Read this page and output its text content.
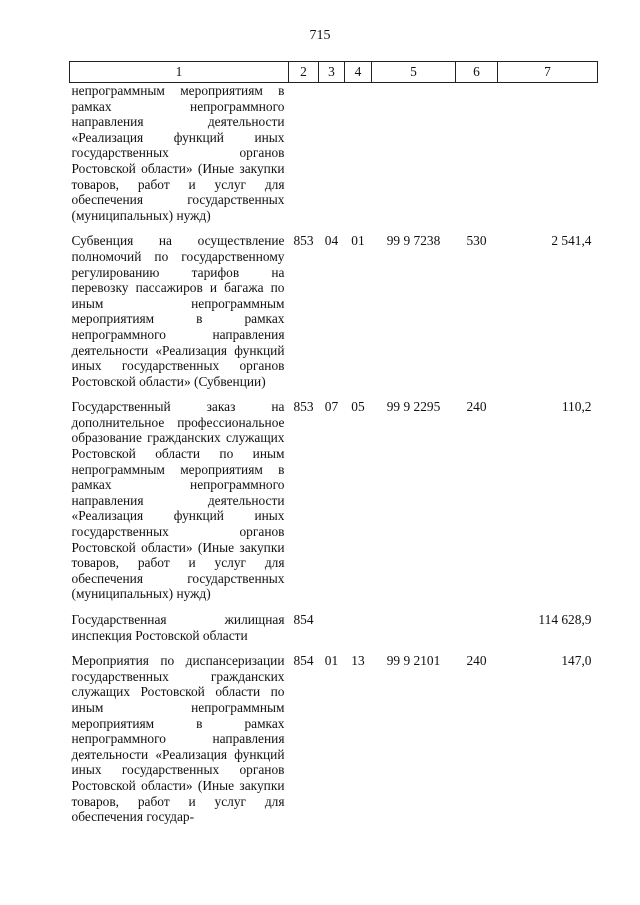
715
1	2	3	4	5	6	7
непрограммным мероприятиям в рамках непрограммного направления деятельности «Реализация функций иных государственных органов Ростовской области» (Иные закупки товаров, работ и услуг для обеспечения государственных (муниципальных) нужд)						

Субвенция на осуществление полномочий по государственному регулированию тарифов на перевозку пассажиров и багажа по иным непрограммным мероприятиям в рамках непрограммного направления деятельности «Реализация функций иных государственных органов Ростовской области» (Субвенции)	853	04	01	99 9 7238	530	2 541,4

Государственный заказ на дополнительное профессиональное образование гражданских служащих Ростовской области по иным непрограммным мероприятиям в рамках непрограммного направления деятельности «Реализация функций иных государственных органов Ростовской области» (Иные закупки товаров, работ и услуг для обеспечения государственных (муниципальных) нужд)	853	07	05	99 9 2295	240	110,2

Государственная жилищная инспекция Ростовской области	854					114 628,9

Мероприятия по диспансеризации государственных гражданских служащих Ростовской области по иным непрограммным мероприятиям в рамках непрограммного направления деятельности «Реализация функций иных государственных органов Ростовской области» (Иные закупки товаров, работ и услуг для обеспечения государ-	854	01	13	99 9 2101	240	147,0
